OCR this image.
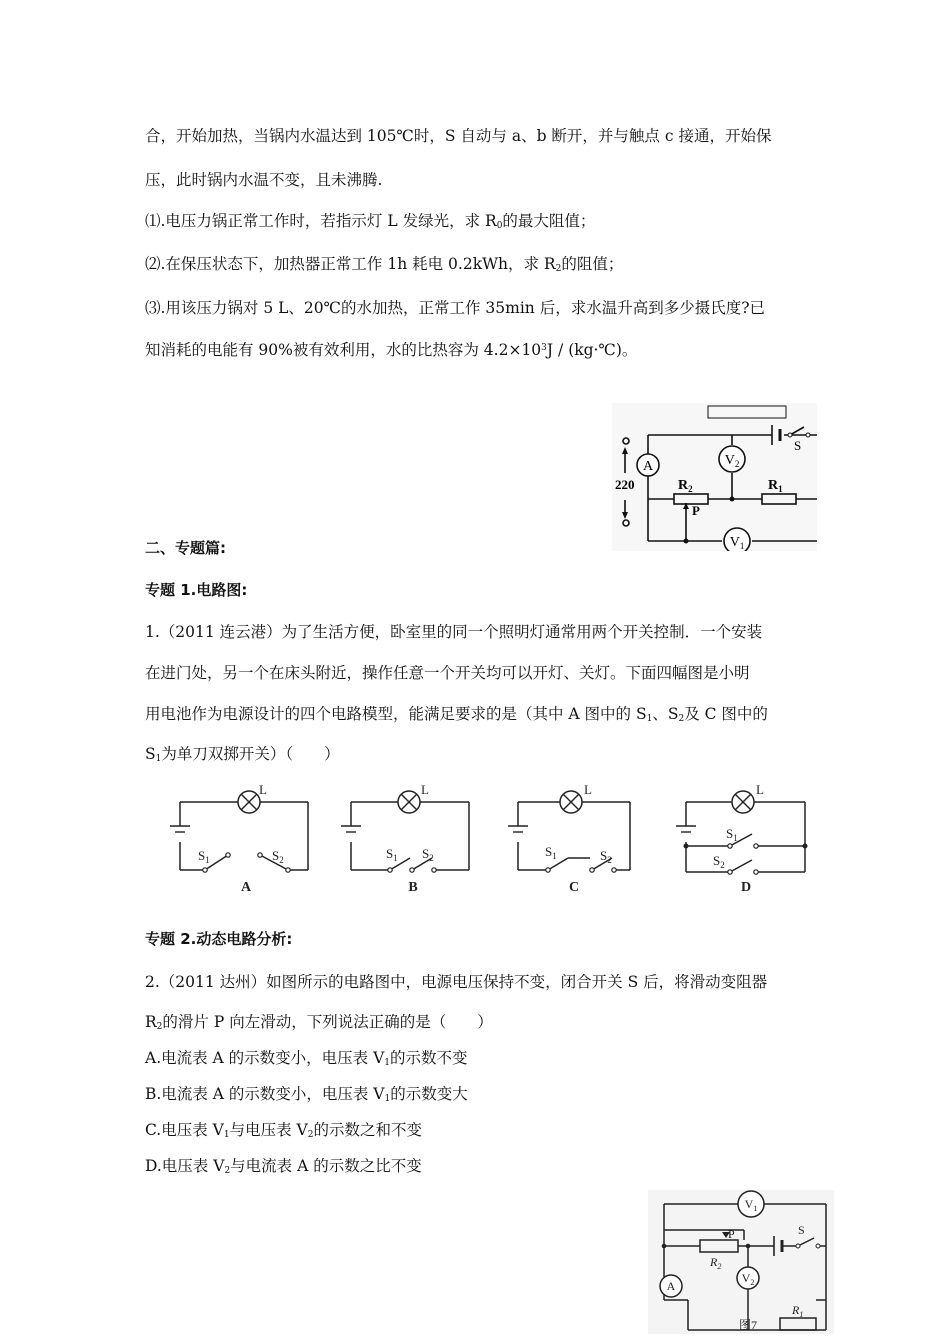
合，开始加热，当锅内水温达到 105℃时，S 自动与 a、b 断开，并与触点 c 接通，开始保
压，此时锅内水温不变，且未沸腾.
⑴.电压力锅正常工作时，若指示灯 L 发绿光，求 $R_0$的最大阻值；
⑵.在保压状态下，加热器正常工作 1h 耗电 0.2kWh，求 $R_2$的阻值；
⑶.用该压力锅对 5 L、20℃的水加热，正常工作 35min 后，求水温升高到多少摄氏度?已
知消耗的电能有 90%被有效利用，水的比热容为 $4.2\times 10^3J$ / (kg·℃)。
A	$V_2$
$V_1$
$R_2$	$R_1$
P
S
220
二、专题篇:
专题 1.电路图:
1.（2011 连云港）为了生活方便，卧室里的同一个照明灯通常用两个开关控制．一个安装
在进门处，另一个在床头附近，操作任意一个开关均可以开灯、关灯。下面四幅图是小明
用电池作为电源设计的四个电路模型，能满足要求的是（其中 A 图中的 $S_1$、$S_2$及 C 图中的
$S_1$为单刀双掷开关）（　　）
L	L	L	L
$S_1$	$S_2$	$S_1$ $S_2$	$S_1$	$S_2$
$S_1$
$S_2$
A	B	C	D
专题 2.动态电路分析:
2.（2011 达州）如图所示的电路图中，电源电压保持不变，闭合开关 S 后，将滑动变阻器
$R_2$的滑片 P 向左滑动，下列说法正确的是（　　）
A.电流表 A 的示数变小，电压表 $V_1$的示数不变
B.电流表 A 的示数变小，电压表 $V_1$的示数变大
C.电压表 $V_1$与电压表 $V_2$的示数之和不变
D.电压表 $V_2$与电流表 A 的示数之比不变
$V_1$
A
$V_2$
P
$R_2$
$R_1$
S
图7
